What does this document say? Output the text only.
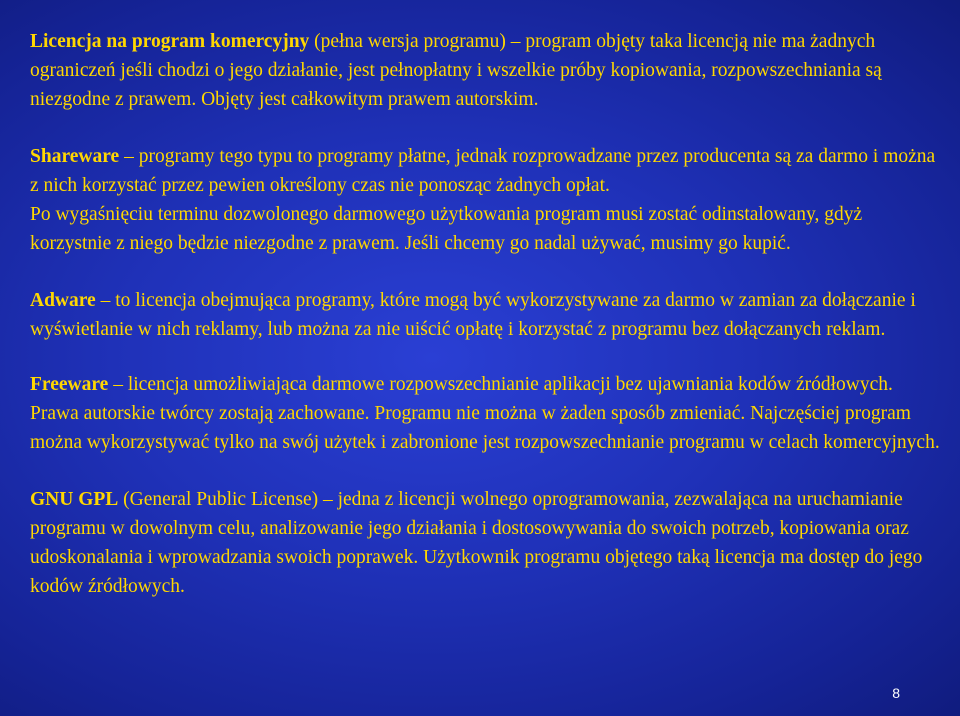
Licencja na program komercyjny (pełna wersja programu) – program objęty taka licencją nie ma żadnych ograniczeń jeśli chodzi o jego działanie, jest pełnopłatny i wszelkie próby kopiowania, rozpowszechniania są niezgodne z prawem. Objęty jest całkowitym prawem autorskim.

Shareware – programy tego typu to programy płatne, jednak rozprowadzane przez producenta są za darmo i można z nich korzystać przez pewien określony czas nie ponosząc żadnych opłat.

Po wygaśnięciu terminu dozwolonego darmowego użytkowania program musi zostać odinstalowany, gdyż korzystnie z niego będzie niezgodne z prawem. Jeśli chcemy go nadal używać, musimy go kupić.

Adware – to licencja obejmująca programy, które mogą być wykorzystywane za darmo w zamian za dołączanie i wyświetlanie w nich reklamy, lub można za nie uiścić opłatę i korzystać z programu bez dołączanych reklam.

Freeware – licencja umożliwiająca darmowe rozpowszechnianie aplikacji bez ujawniania kodów źródłowych. Prawa autorskie twórcy zostają zachowane. Programu nie można w żaden sposób zmieniać. Najczęściej program można wykorzystywać tylko na swój użytek i zabronione jest rozpowszechnianie programu w celach komercyjnych.

GNU GPL (General Public License) – jedna z licencji wolnego oprogramowania, zezwalająca na uruchamianie programu w dowolnym celu, analizowanie jego działania i dostosowywania do swoich potrzeb, kopiowania oraz udoskonalania i wprowadzania swoich poprawek. Użytkownik programu objętego taką licencja ma dostęp do jego kodów źródłowych.

8
